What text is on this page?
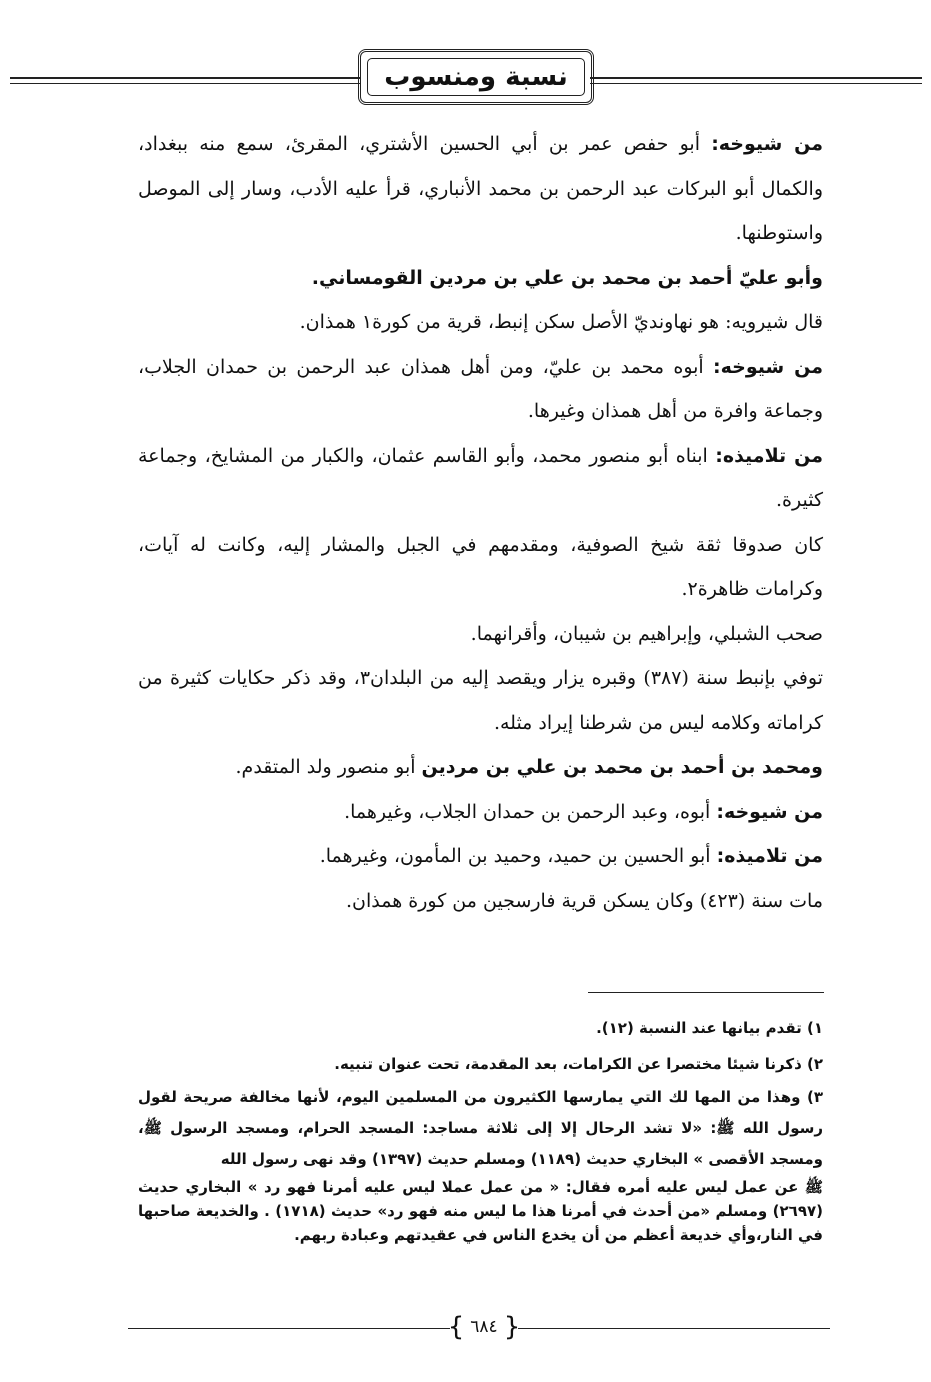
نسبة ومنسوب

من شيوخه: أبو حفص عمر بن أبي الحسين الأشتري، المقرئ، سمع منه ببغداد، والكمال أبو البركات عبد الرحمن بن محمد الأنباري، قرأ عليه الأدب، وسار إلى الموصل واستوطنها.

وأبو عليّ أحمد بن محمد بن علي بن مردين القومساني.

قال شيرويه: هو نهاونديّ الأصل سكن إنبط، قرية من كورة١ همذان.

من شيوخه: أبوه محمد بن عليّ، ومن أهل همذان عبد الرحمن بن حمدان الجلاب، وجماعة وافرة من أهل همذان وغيرها.

من تلاميذه: ابناه أبو منصور محمد، وأبو القاسم عثمان، والكبار من المشايخ، وجماعة كثيرة.

كان صدوقا ثقة شيخ الصوفية، ومقدمهم في الجبل والمشار إليه، وكانت له آيات، وكرامات ظاهرة٢.

صحب الشبلي، وإبراهيم بن شيبان، وأقرانهما.

توفي بإنبط سنة (٣٨٧) وقبره يزار ويقصد إليه من البلدان٣، وقد ذكر حكايات كثيرة من كراماته وكلامه ليس من شرطنا إيراد مثله.

ومحمد بن أحمد بن محمد بن علي بن مردين أبو منصور ولد المتقدم.

من شيوخه: أبوه، وعبد الرحمن بن حمدان الجلاب، وغيرهما.

من تلاميذه: أبو الحسين بن حميد، وحميد بن المأمون، وغيرهما.

مات سنة (٤٢٣) وكان يسكن قرية فارسجين من كورة همذان.

١) تقدم بيانها عند النسبة (١٢).

٢) ذكرنا شيئا مختصرا عن الكرامات، بعد المقدمة، تحت عنوان تنبيه.

٣) وهذا من المها لك التي يمارسها الكثيرون من المسلمين اليوم، لأنها مخالفة صريحة لقول رسول الله ﷺ: «لا تشد الرحال إلا إلى ثلاثة مساجد: المسجد الحرام، ومسجد الرسول ﷺ، ومسجد الأقصى » البخاري حديث (١١٨٩) ومسلم حديث (١٣٩٧) وقد نهى رسول الله
ﷺ عن عمل ليس عليه أمره فقال: « من عمل عملا ليس عليه أمرنا فهو رد » البخاري حديث (٢٦٩٧) ومسلم «من أحدث في أمرنا هذا ما ليس منه فهو رد» حديث (١٧١٨) . والخديعة صاحبها في النار،وأي خديعة أعظم من أن يخدع الناس في عقيدتهم وعبادة ربهم.

{
٦٨٤
}
